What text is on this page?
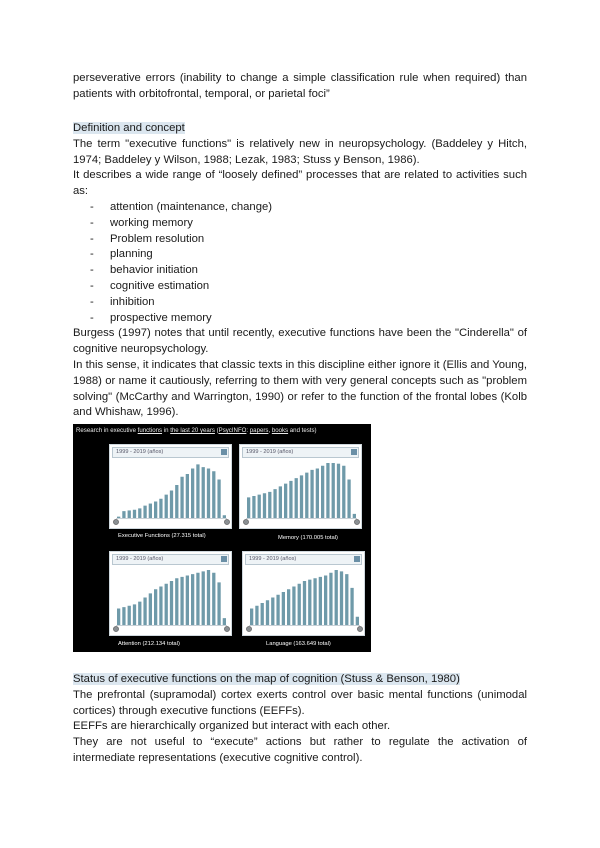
perseverative errors (inability to change a simple classification rule when required) than patients with orbitofrontal, temporal, or parietal foci”

Definition and concept

The term "executive functions" is relatively new in neuropsychology. (Baddeley y Hitch, 1974; Baddeley y Wilson, 1988; Lezak, 1983; Stuss y Benson, 1986).

It describes a wide range of “loosely defined” processes that are related to activities such as:

- attention (maintenance, change)
- working memory
- Problem resolution
- planning
- behavior initiation
- cognitive estimation
- inhibition
- prospective memory

Burgess (1997) notes that until recently, executive functions have been the "Cinderella" of cognitive neuropsychology.

In this sense, it indicates that classic texts in this discipline either ignore it (Ellis and Young, 1988) or name it cautiously, referring to them with very general concepts such as "problem solving" (McCarthy and Warrington, 1990) or refer to the function of the frontal lobes (Kolb and Whishaw, 1996).

Status of executive functions on the map of cognition (Stuss & Benson, 1980)

The prefrontal (supramodal) cortex exerts control over basic mental functions (unimodal cortices) through executive functions (EEFFs).

EEFFs are hierarchically organized but interact with each other.

They are not useful to “execute” actions but rather to regulate the activation of intermediate representations (executive cognitive control).

Research in executive functions in the last 20 years (PsycINFO: papers, books and tests)
1999 - 2019 (años)
Executive Functions (27.315 total)
1999 - 2019 (años)
Memory (170.005 total)
1999 - 2019 (años)
Attention (212.134 total)
1999 - 2019 (años)
Language (163.649 total)
